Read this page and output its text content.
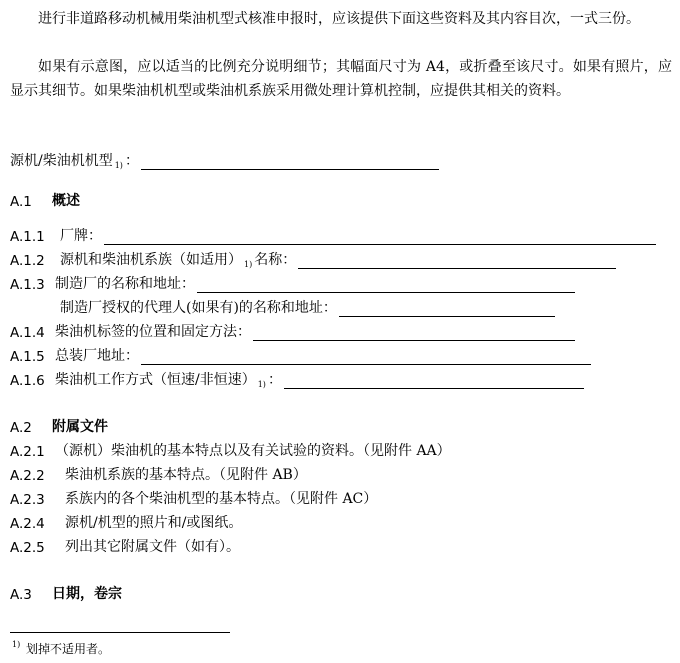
进行非道路移动机械用柴油机型式核准申报时，应该提供下面这些资料及其内容目次，一式三份。

如果有示意图，应以适当的比例充分说明细节；其幅面尺寸为 A4，或折叠至该尺寸。如果有照片，应显示其细节。如果柴油机机型或柴油机系族采用微处理计算机控制，应提供其相关的资料。

源机/柴油机机型 $_{1)}$ ：
A.1	概述
A.1.1	厂牌：
A.1.2	源机和柴油机系族（如适用） $_{1)}$ 名称：
A.1.3 制造厂的名称和地址：
制造厂授权的代理人(如果有)的名称和地址：
A.1.4 柴油机标签的位置和固定方法：
A.1.5 总装厂地址：
A.1.6 柴油机工作方式（恒速/非恒速） $_{1)}$ ：
A.2	附属文件
A.2.1 （源机）柴油机的基本特点以及有关试验的资料。（见附件 AA）
A.2.2	柴油机系族的基本特点。（见附件 AB）
A.2.3	系族内的各个柴油机型的基本特点。（见附件 AC）
A.2.4	源机/机型的照片和/或图纸。
A.2.5	列出其它附属文件（如有）。
A.3	日期，卷宗
$^{1)}$ 划掉不适用者。
